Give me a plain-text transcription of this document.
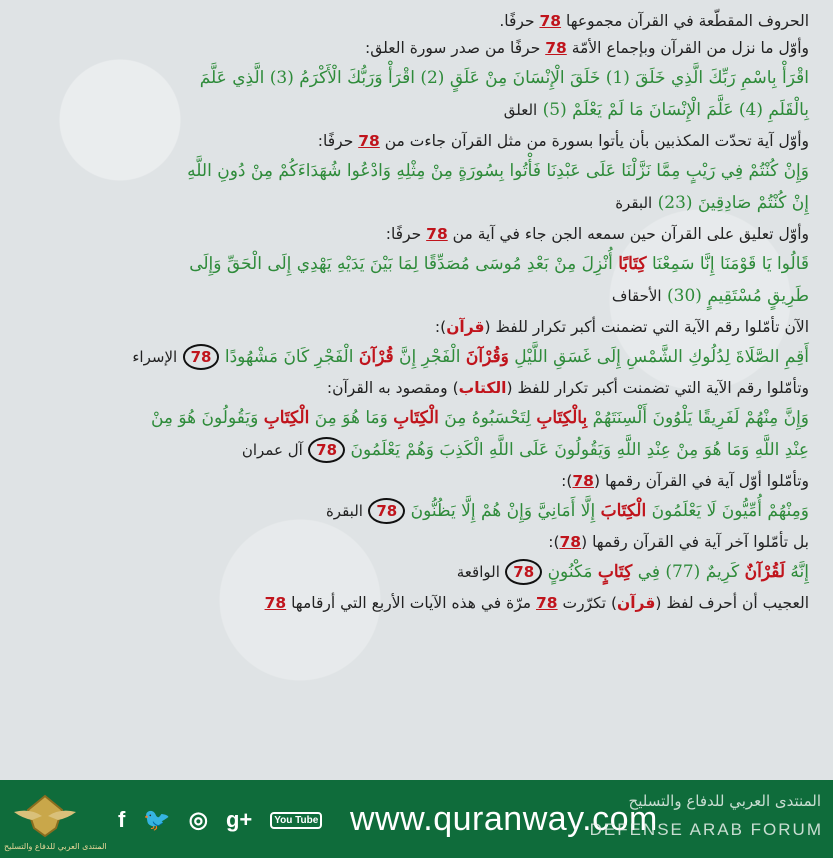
الحروف المقطّعة في القرآن مجموعها 78 حرفًا.

وأوّل ما نزل من القرآن وبإجماع الأمّة 78 حرفًا من صدر سورة العلق:

اقْرَأْ بِاسْمِ رَبِّكَ الَّذِي خَلَقَ (1) خَلَقَ الْإِنْسَانَ مِنْ عَلَقٍ (2) اقْرَأْ وَرَبُّكَ الْأَكْرَمُ (3) الَّذِي عَلَّمَ
بِالْقَلَمِ (4) عَلَّمَ الْإِنْسَانَ مَا لَمْ يَعْلَمْ (5) العلق

وأوّل آية تحدّت المكذبين بأن يأتوا بسورة من مثل القرآن جاءت من 78 حرفًا:

وَإِنْ كُنْتُمْ فِي رَيْبٍ مِمَّا نَزَّلْنَا عَلَى عَبْدِنَا فَأْتُوا بِسُورَةٍ مِنْ مِثْلِهِ وَادْعُوا شُهَدَاءَكُمْ مِنْ دُونِ اللَّهِ
إِنْ كُنْتُمْ صَادِقِينَ (23) البقرة

وأوّل تعليق على القرآن حين سمعه الجن جاء في آية من 78 حرفًا:

قَالُوا يَا قَوْمَنَا إِنَّا سَمِعْنَا كِتَابًا أُنْزِلَ مِنْ بَعْدِ مُوسَى مُصَدِّقًا لِمَا بَيْنَ يَدَيْهِ يَهْدِي إِلَى الْحَقِّ وَإِلَى
طَرِيقٍ مُسْتَقِيمٍ (30) الأحقاف

الآن تأمّلوا رقم الآية التي تضمنت أكبر تكرار للفظ (قرآن):

أَقِمِ الصَّلَاةَ لِدُلُوكِ الشَّمْسِ إِلَى غَسَقِ اللَّيْلِ وَقُرْآنَ الْفَجْرِ إِنَّ قُرْآنَ الْفَجْرِ كَانَ مَشْهُودًا 78 الإسراء

وتأمّلوا رقم الآية التي تضمنت أكبر تكرار للفظ (الكتاب) ومقصود به القرآن:

وَإِنَّ مِنْهُمْ لَفَرِيقًا يَلْوُونَ أَلْسِنَتَهُمْ بِالْكِتَابِ لِتَحْسَبُوهُ مِنَ الْكِتَابِ وَمَا هُوَ مِنَ الْكِتَابِ وَيَقُولُونَ هُوَ مِنْ
عِنْدِ اللَّهِ وَمَا هُوَ مِنْ عِنْدِ اللَّهِ وَيَقُولُونَ عَلَى اللَّهِ الْكَذِبَ وَهُمْ يَعْلَمُونَ 78 آل عمران

وتأمّلوا أوّل آية في القرآن رقمها (78):

وَمِنْهُمْ أُمِّيُّونَ لَا يَعْلَمُونَ الْكِتَابَ إِلَّا أَمَانِيَّ وَإِنْ هُمْ إِلَّا يَظُنُّونَ 78 البقرة

بل تأمّلوا آخر آية في القرآن رقمها (78):

إِنَّهُ لَقُرْآنٌ كَرِيمٌ (77) فِي كِتَابٍ مَكْنُونٍ 78 الواقعة

العجيب أن أحرف لفظ (قرآن) تكرّرت 78 مرّة في هذه الآيات الأربع التي أرقامها 78

المنتدى العربي للدفاع والتسليح
f 🐦 ◎ g+	You Tube www.quranway.com
المنتدى العربي للدفاع والتسليح
DEFENSE ARAB FORUM
